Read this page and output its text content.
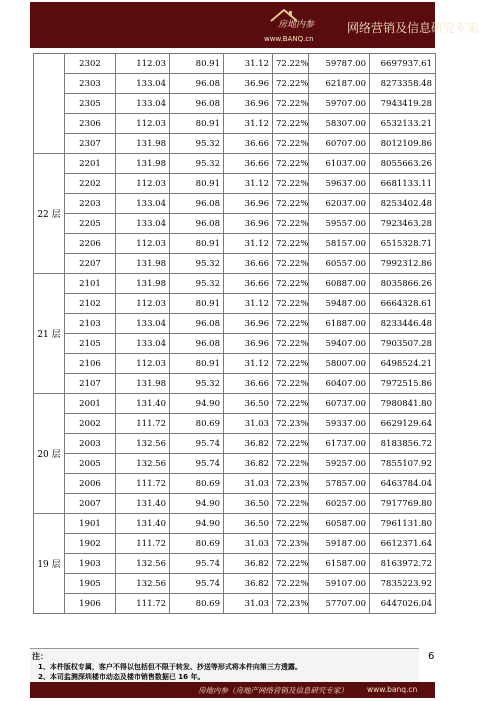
房地内参
www.BANQ.cn
网络营销及信息研究专家
	2302	112.03	80.91	31.12	72.22%	59787.00	6697937.61
	2303	133.04	96.08	36.96	72.22%	62187.00	8273358.48
	2305	133.04	96.08	36.96	72.22%	59707.00	7943419.28
	2306	112.03	80.91	31.12	72.22%	58307.00	6532133.21
	2307	131.98	95.32	36.66	72.22%	60707.00	8012109.86
22 层	2201	131.98	95.32	36.66	72.22%	61037.00	8055663.26
	2202	112.03	80.91	31.12	72.22%	59637.00	6681133.11
	2203	133.04	96.08	36.96	72.22%	62037.00	8253402.48
	2205	133.04	96.08	36.96	72.22%	59557.00	7923463.28
	2206	112.03	80.91	31.12	72.22%	58157.00	6515328.71
	2207	131.98	95.32	36.66	72.22%	60557.00	7992312.86
21 层	2101	131.98	95.32	36.66	72.22%	60887.00	8035866.26
	2102	112.03	80.91	31.12	72.22%	59487.00	6664328.61
	2103	133.04	96.08	36.96	72.22%	61887.00	8233446.48
	2105	133.04	96.08	36.96	72.22%	59407.00	7903507.28
	2106	112.03	80.91	31.12	72.22%	58007.00	6498524.21
	2107	131.98	95.32	36.66	72.22%	60407.00	7972515.86
20 层	2001	131.40	94.90	36.50	72.22%	60737.00	7980841.80
	2002	111.72	80.69	31.03	72.23%	59337.00	6629129.64
	2003	132.56	95.74	36.82	72.22%	61737.00	8183856.72
	2005	132.56	95.74	36.82	72.22%	59257.00	7855107.92
	2006	111.72	80.69	31.03	72.23%	57857.00	6463784.04
	2007	131.40	94.90	36.50	72.22%	60257.00	7917769.80
19 层	1901	131.40	94.90	36.50	72.22%	60587.00	7961131.80
	1902	111.72	80.69	31.03	72.23%	59187.00	6612371.64
	1903	132.56	95.74	36.82	72.22%	61587.00	8163972.72
	1905	132.56	95.74	36.82	72.22%	59107.00	7835223.92
	1906	111.72	80.69	31.03	72.23%	57707.00	6447026.04
注：
1、本件版权专属，客户不得以包括但不限于转发、抄送等形式将本件向第三方透露。
2、本司监测深圳楼市动态及楼市销售数据已 16 年。
6
房地内参（房地产网络营销及信息研究专家）	www.banq.cn
